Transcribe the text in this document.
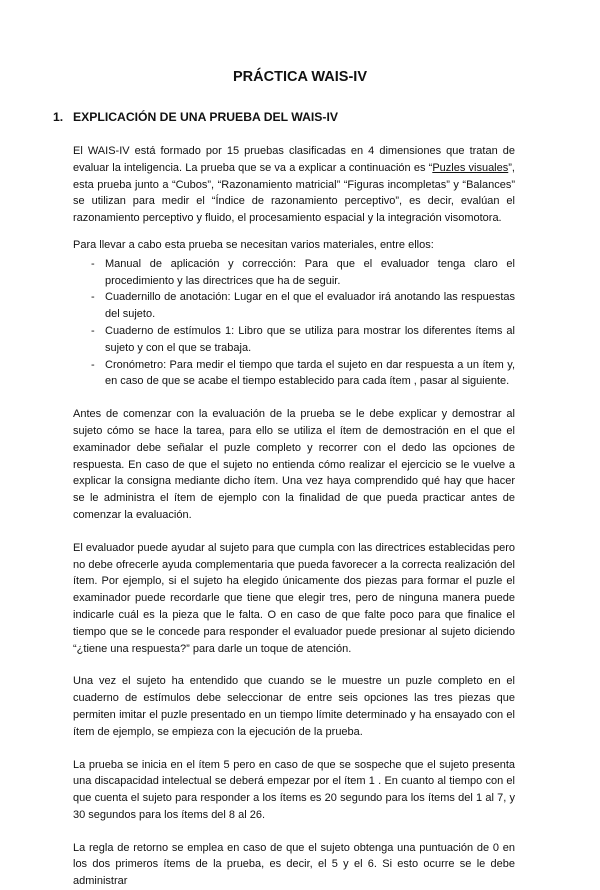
PRÁCTICA WAIS-IV
1. EXPLICACIÓN DE UNA PRUEBA DEL WAIS-IV

El WAIS-IV está formado por 15 pruebas clasificadas en 4 dimensiones que tratan de evaluar la inteligencia. La prueba que se va a explicar a continuación es “Puzles visuales”, esta prueba junto a “Cubos”, “Razonamiento matricial” “Figuras incompletas” y “Balances” se utilizan para medir el “Índice de razonamiento perceptivo”, es decir, evalúan el razonamiento perceptivo y fluido, el procesamiento espacial y la integración visomotora.

Para llevar a cabo esta prueba se necesitan varios materiales, entre ellos:

- Manual de aplicación y corrección: Para que el evaluador tenga claro el procedimiento y las directrices que ha de seguir.
- Cuadernillo de anotación: Lugar en el que el evaluador irá anotando las respuestas del sujeto.
- Cuaderno de estímulos 1: Libro que se utiliza para mostrar los diferentes ítems al sujeto y con el que se trabaja.
- Cronómetro: Para medir el tiempo que tarda el sujeto en dar respuesta a un ítem y, en caso de que se acabe el tiempo establecido para cada ítem , pasar al siguiente.

Antes de comenzar con la evaluación de la prueba se le debe explicar y demostrar al sujeto cómo se hace la tarea, para ello se utiliza el ítem de demostración en el que el examinador debe señalar el puzle completo y recorrer con el dedo las opciones de respuesta. En caso de que el sujeto no entienda cómo realizar el ejercicio se le vuelve a explicar la consigna mediante dicho ítem. Una vez haya comprendido qué hay que hacer se le administra el ítem de ejemplo con la finalidad de que pueda practicar antes de comenzar la evaluación.

El evaluador puede ayudar al sujeto para que cumpla con las directrices establecidas pero no debe ofrecerle ayuda complementaria que pueda favorecer a la correcta realización del ítem. Por ejemplo, si el sujeto ha elegido únicamente dos piezas para formar el puzle el examinador puede recordarle que tiene que elegir tres, pero de ninguna manera puede indicarle cuál es la pieza que le falta. O en caso de que falte poco para que finalice el tiempo que se le concede para responder el evaluador puede presionar al sujeto diciendo “¿tiene una respuesta?” para darle un toque de atención.

Una vez el sujeto ha entendido que cuando se le muestre un puzle completo en el cuaderno de estímulos debe seleccionar de entre seis opciones las tres piezas que permiten imitar el puzle presentado en un tiempo límite determinado y ha ensayado con el ítem de ejemplo, se empieza con la ejecución de la prueba.

La prueba se inicia en el ítem 5 pero en caso de que se sospeche que el sujeto presenta una discapacidad intelectual se deberá empezar por el ítem 1 . En cuanto al tiempo con el que cuenta el sujeto para responder a los ítems es 20 segundo para los ítems del 1 al 7, y 30 segundos para los ítems del 8 al 26.

La regla de retorno se emplea en caso de que el sujeto obtenga una puntuación de 0 en los dos primeros ítems de la prueba, es decir, el 5 y el 6. Si esto ocurre se le debe administrar
